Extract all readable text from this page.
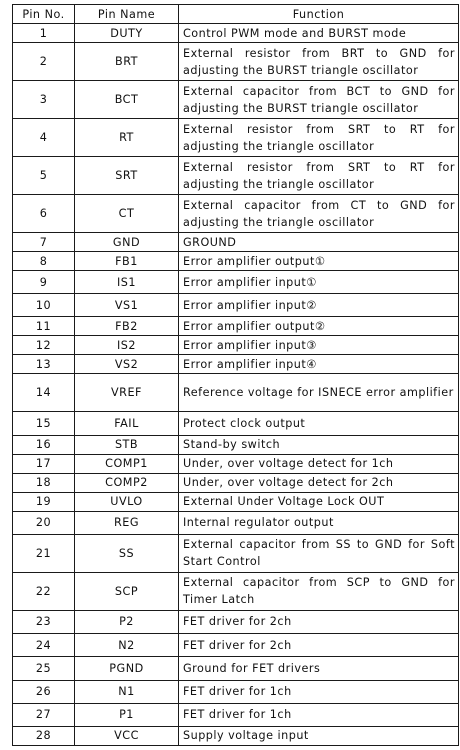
Pin No.	Pin Name	Function
1	DUTY	Control PWM mode and BURST mode
2	BRT	External resistor from BRT to GND for adjusting the BURST triangle oscillator
3	BCT	External capacitor from BCT to GND for adjusting the BURST triangle oscillator
4	RT	External resistor from SRT to RT for adjusting the triangle oscillator
5	SRT	External resistor from SRT to RT for adjusting the triangle oscillator
6	CT	External capacitor from CT to GND for adjusting the triangle oscillator
7	GND	GROUND
8	FB1	Error amplifier output①
9	IS1	Error amplifier input①
10	VS1	Error amplifier input②
11	FB2	Error amplifier output②
12	IS2	Error amplifier input③
13	VS2	Error amplifier input④
14	VREF	Reference voltage for ISNECE error amplifier
15	FAIL	Protect clock output
16	STB	Stand-by switch
17	COMP1	Under, over voltage detect for 1ch
18	COMP2	Under, over voltage detect for 2ch
19	UVLO	External Under Voltage Lock OUT
20	REG	Internal regulator output
21	SS	External capacitor from SS to GND for Soft Start Control
22	SCP	External capacitor from SCP to GND for Timer Latch
23	P2	FET driver for 2ch
24	N2	FET driver for 2ch
25	PGND	Ground for FET drivers
26	N1	FET driver for 1ch
27	P1	FET driver for 1ch
28	VCC	Supply voltage input
